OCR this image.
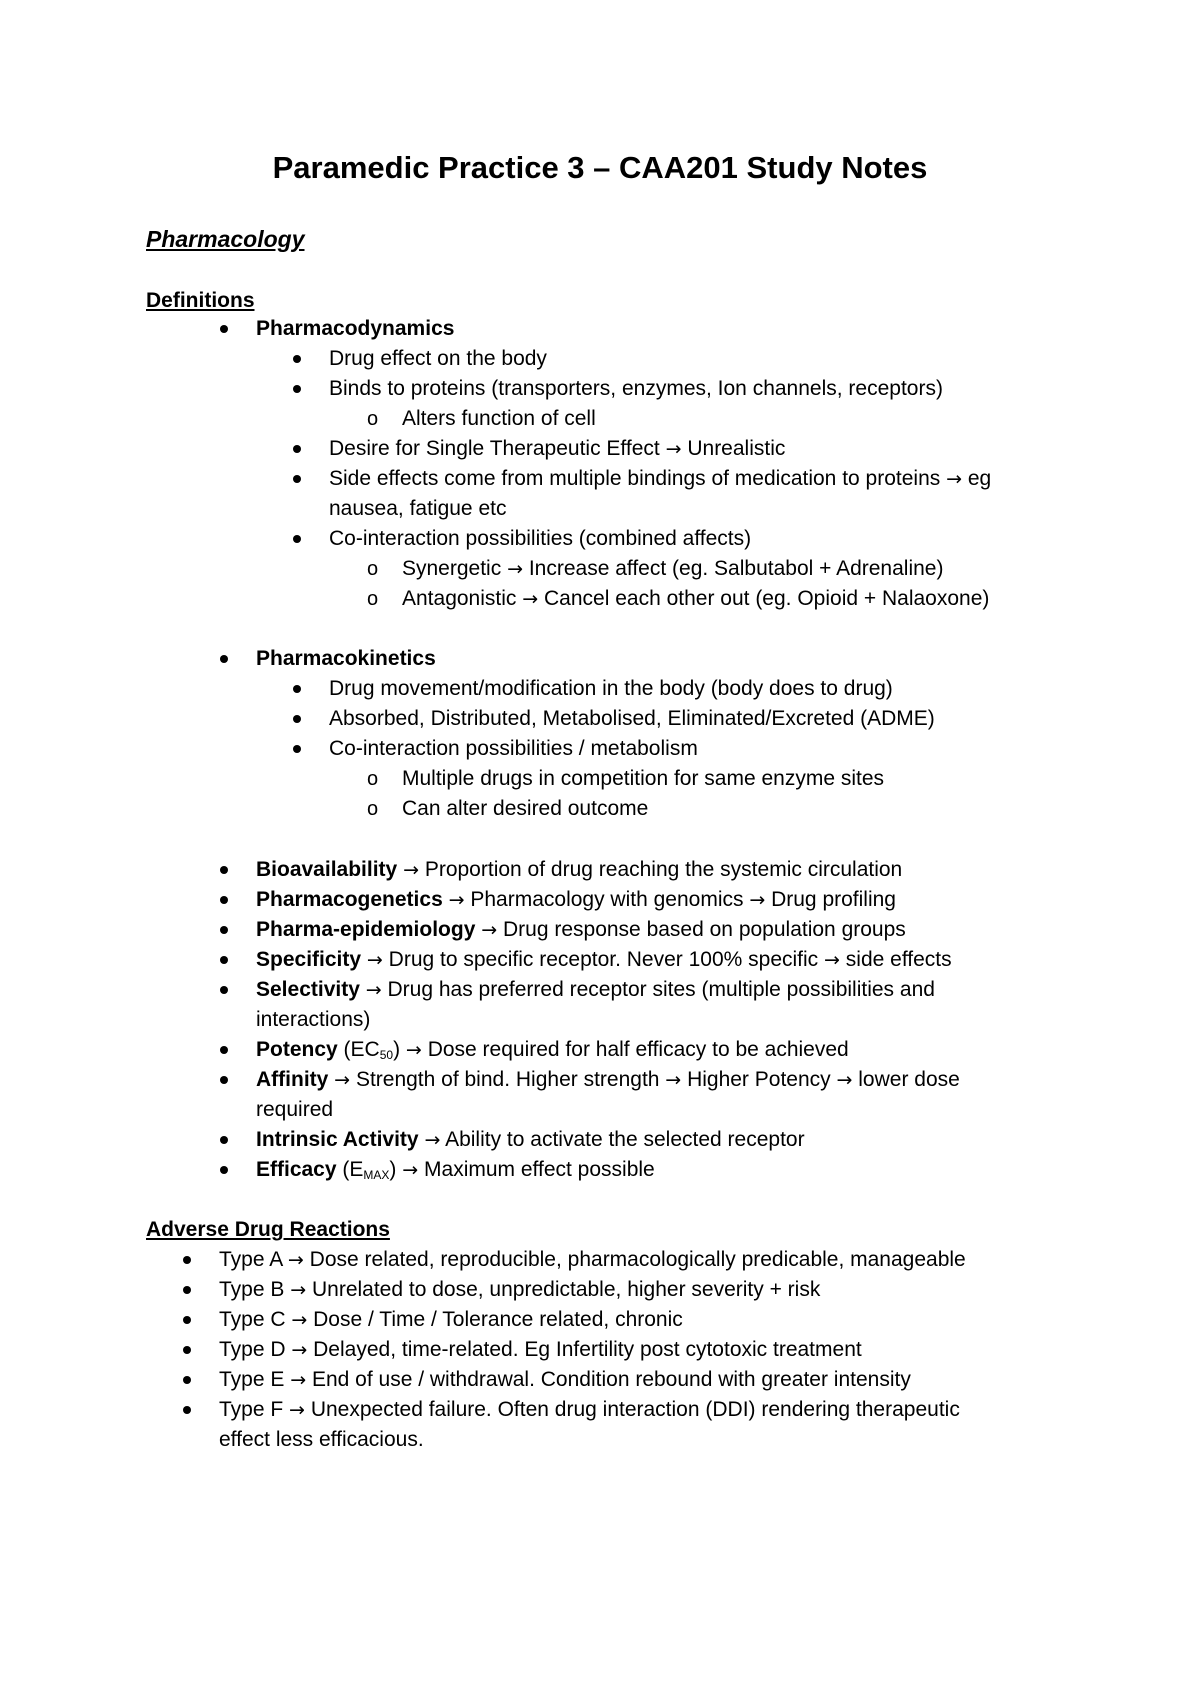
Paramedic Practice 3 – CAA201 Study Notes
Pharmacology
Definitions
Pharmacodynamics
Drug effect on the body
Binds to proteins (transporters, enzymes, Ion channels, receptors)
o Alters function of cell
Desire for Single Therapeutic Effect → Unrealistic
Side effects come from multiple bindings of medication to proteins → eg
nausea, fatigue etc
Co-interaction possibilities (combined affects)
o Synergetic → Increase affect (eg. Salbutabol + Adrenaline)
o Antagonistic → Cancel each other out (eg. Opioid + Nalaoxone)
Pharmacokinetics
Drug movement/modification in the body (body does to drug)
Absorbed, Distributed, Metabolised, Eliminated/Excreted (ADME)
Co-interaction possibilities / metabolism
o Multiple drugs in competition for same enzyme sites
o Can alter desired outcome
Bioavailability → Proportion of drug reaching the systemic circulation
Pharmacogenetics → Pharmacology with genomics → Drug profiling
Pharma-epidemiology → Drug response based on population groups
Specificity → Drug to specific receptor. Never 100% specific → side effects
Selectivity → Drug has preferred receptor sites (multiple possibilities and
interactions)
Potency $(EC_{50})$ → Dose required for half efficacy to be achieved
Affinity → Strength of bind. Higher strength → Higher Potency → lower dose
required
Intrinsic Activity → Ability to activate the selected receptor
Efficacy $(E_{MAX})$ → Maximum effect possible
Adverse Drug Reactions
Type A → Dose related, reproducible, pharmacologically predicable, manageable
Type B → Unrelated to dose, unpredictable, higher severity + risk
Type C → Dose / Time / Tolerance related, chronic
Type D → Delayed, time-related. Eg Infertility post cytotoxic treatment
Type E → End of use / withdrawal. Condition rebound with greater intensity
Type F → Unexpected failure. Often drug interaction (DDI) rendering therapeutic
effect less efficacious.
